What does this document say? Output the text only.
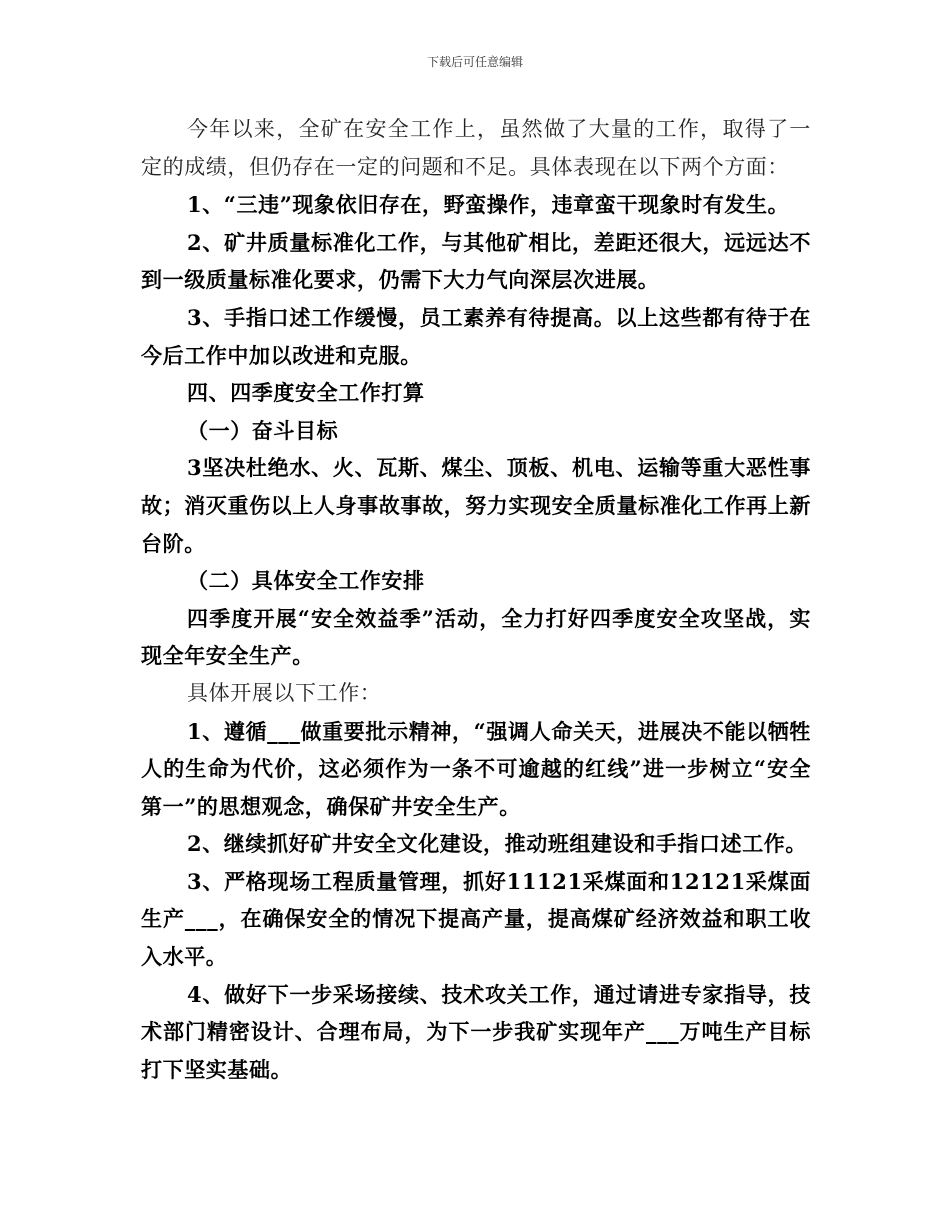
下载后可任意编辑

今年以来，全矿在安全工作上，虽然做了大量的工作，取得了一定的成绩，但仍存在一定的问题和不足。具体表现在以下两个方面：

1、“三违”现象依旧存在，野蛮操作，违章蛮干现象时有发生。

2、矿井质量标准化工作，与其他矿相比，差距还很大，远远达不到一级质量标准化要求，仍需下大力气向深层次进展。

3、手指口述工作缓慢，员工素养有待提高。以上这些都有待于在今后工作中加以改进和克服。

四、四季度安全工作打算

（一）奋斗目标

3坚决杜绝水、火、瓦斯、煤尘、顶板、机电、运输等重大恶性事故；消灭重伤以上人身事故事故，努力实现安全质量标准化工作再上新台阶。

（二）具体安全工作安排

四季度开展“安全效益季”活动，全力打好四季度安全攻坚战，实现全年安全生产。

具体开展以下工作：

1、遵循___做重要批示精神，“强调人命关天，进展决不能以牺牲人的生命为代价，这必须作为一条不可逾越的红线”进一步树立“安全第一”的思想观念，确保矿井安全生产。

2、继续抓好矿井安全文化建设，推动班组建设和手指口述工作。

3、严格现场工程质量管理，抓好11121采煤面和12121采煤面生产___，在确保安全的情况下提高产量，提高煤矿经济效益和职工收入水平。

4、做好下一步采场接续、技术攻关工作，通过请进专家指导，技术部门精密设计、合理布局，为下一步我矿实现年产___万吨生产目标打下坚实基础。
